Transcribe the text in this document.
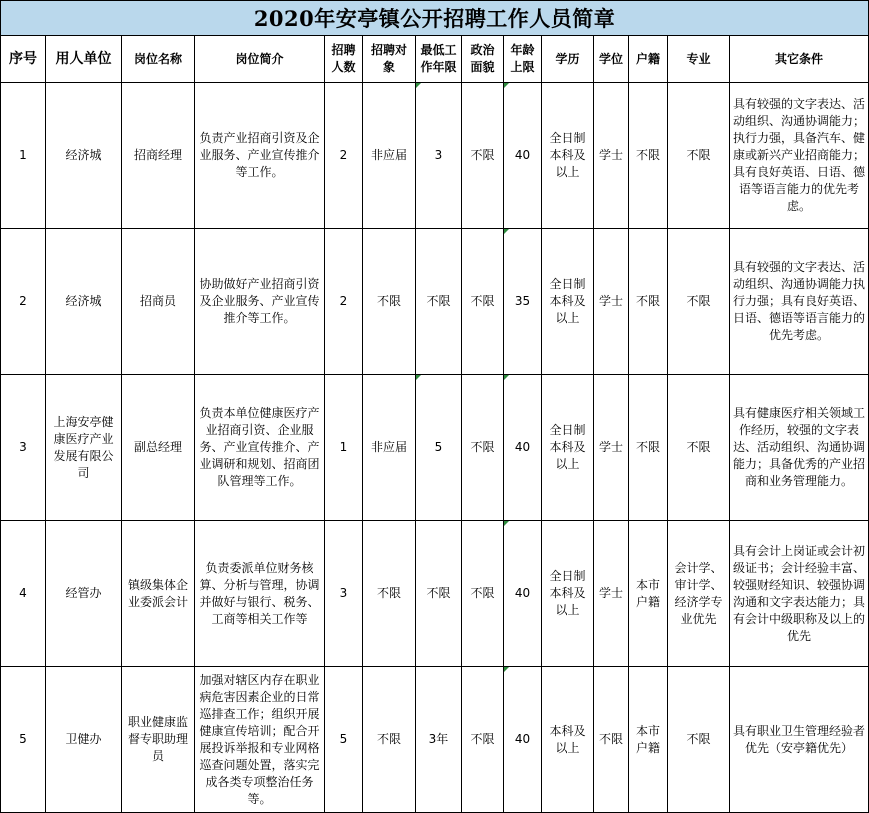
2020年安亭镇公开招聘工作人员简章													
序号	用人单位	岗位名称	岗位简介	招聘人数	招聘对象	最低工作年限	政治面貌	年龄上限	学历	学位	户籍	专业	其它条件
1	经济城	招商经理	负责产业招商引资及企业服务、产业宣传推介等工作。	2	非应届	3	不限	40	全日制本科及以上	学士	不限	不限	具有较强的文字表达、活动组织、沟通协调能力；执行力强，具备汽车、健康或新兴产业招商能力；具有良好英语、日语、德语等语言能力的优先考虑。
2	经济城	招商员	协助做好产业招商引资及企业服务、产业宣传推介等工作。	2	不限	不限	不限	35	全日制本科及以上	学士	不限	不限	具有较强的文字表达、活动组织、沟通协调能力执行力强；具有良好英语、日语、德语等语言能力的优先考虑。
3	上海安亭健康医疗产业发展有限公司	副总经理	负责本单位健康医疗产业招商引资、企业服务、产业宣传推介、产业调研和规划、招商团队管理等工作。	1	非应届	5	不限	40	全日制本科及以上	学士	不限	不限	具有健康医疗相关领域工作经历，较强的文字表达、活动组织、沟通协调能力；具备优秀的产业招商和业务管理能力。
4	经管办	镇级集体企业委派会计	负责委派单位财务核算、分析与管理，协调并做好与银行、税务、工商等相关工作等	3	不限	不限	不限	40	全日制本科及以上	学士	本市户籍	会计学、审计学、经济学专业优先	具有会计上岗证或会计初级证书；会计经验丰富、较强财经知识、较强协调沟通和文字表达能力；具有会计中级职称及以上的优先
5	卫健办	职业健康监督专职助理员	加强对辖区内存在职业病危害因素企业的日常巡排查工作；组织开展健康宣传培训；配合开展投诉举报和专业网格巡查问题处置，落实完成各类专项整治任务等。	5	不限	3年	不限	40	本科及以上	不限	本市户籍	不限	具有职业卫生管理经验者优先（安亭籍优先）
